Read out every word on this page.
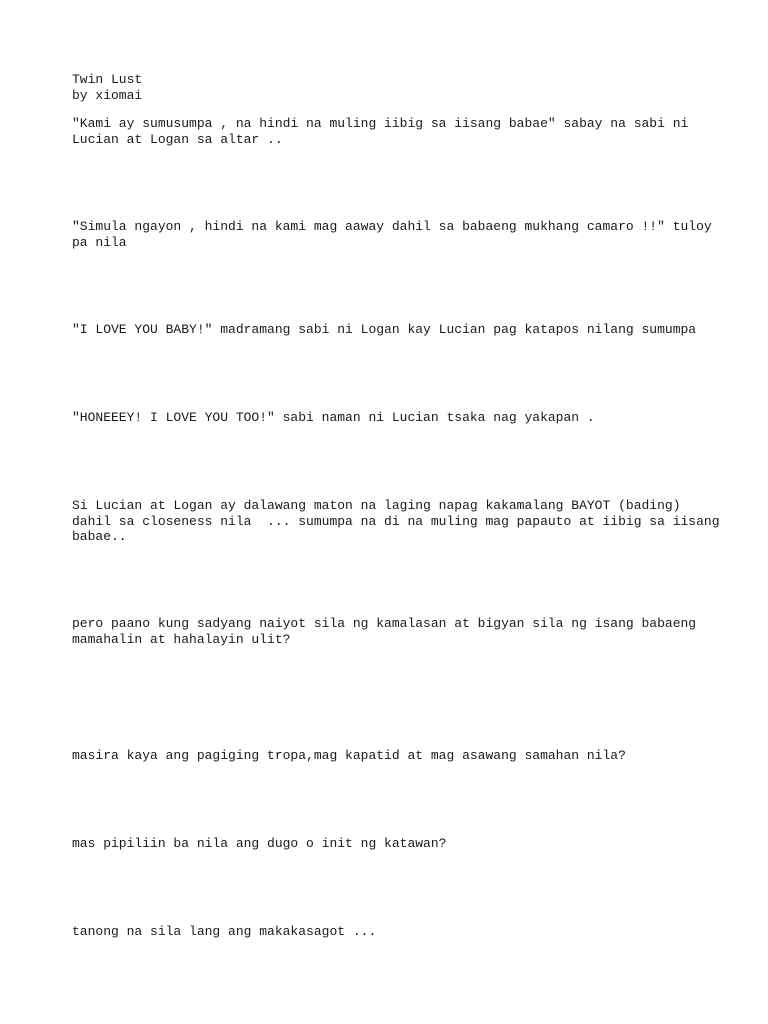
Twin Lust

by xiomai

"Kami ay sumusumpa , na hindi na muling iibig sa iisang babae" sabay na sabi ni

Lucian at Logan sa altar ..

"Simula ngayon , hindi na kami mag aaway dahil sa babaeng mukhang camaro !!" tuloy

pa nila

"I LOVE YOU BABY!" madramang sabi ni Logan kay Lucian pag katapos nilang sumumpa

"HONEEEY! I LOVE YOU TOO!" sabi naman ni Lucian tsaka nag yakapan .

Si Lucian at Logan ay dalawang maton na laging napag kakamalang BAYOT (bading)

dahil sa closeness nila  ... sumumpa na di na muling mag papauto at iibig sa iisang

babae..

pero paano kung sadyang naiyot sila ng kamalasan at bigyan sila ng isang babaeng

mamahalin at hahalayin ulit?

masira kaya ang pagiging tropa,mag kapatid at mag asawang samahan nila?

mas pipiliin ba nila ang dugo o init ng katawan?

tanong na sila lang ang makakasagot ...
